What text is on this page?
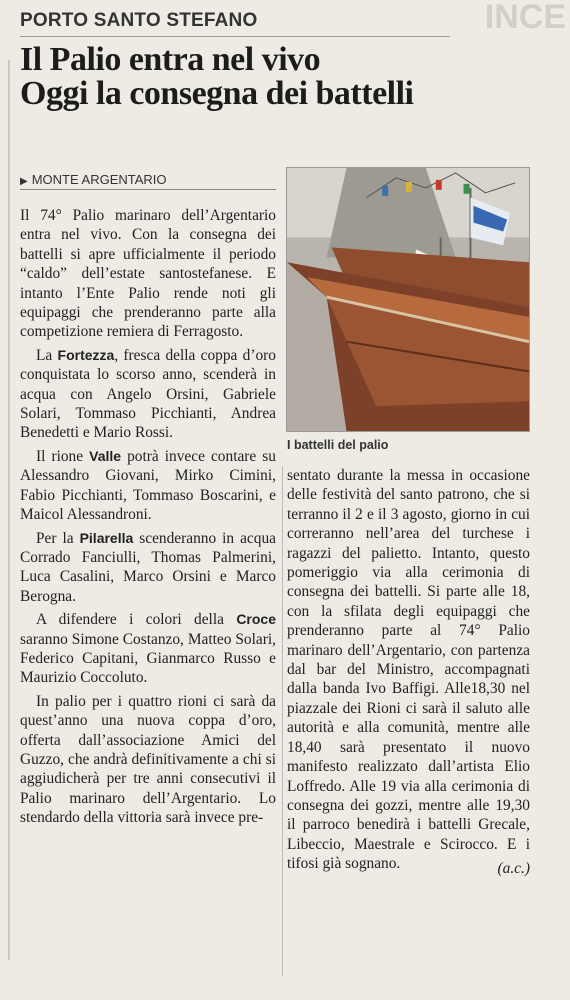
INCE
PORTO SANTO STEFANO
Il Palio entra nel vivo
Oggi la consegna dei battelli
▶ MONTE ARGENTARIO
I battelli del palio

Il 74° Palio marinaro dell’Argentario entra nel vivo. Con la consegna dei battelli si apre ufficialmente il periodo “caldo” dell’estate santostefanese. E intanto l’Ente Palio rende noti gli equipaggi che prenderanno parte alla competizione remiera di Ferragosto.

La Fortezza, fresca della coppa d’oro conquistata lo scorso anno, scenderà in acqua con Angelo Orsini, Gabriele Solari, Tommaso Picchianti, Andrea Benedetti e Mario Rossi.

Il rione Valle potrà invece contare su Alessandro Giovani, Mirko Cimini, Fabio Picchianti, Tommaso Boscarini, e Maicol Alessandroni.

Per la Pilarella scenderanno in acqua Corrado Fanciulli, Thomas Palmerini, Luca Casalini, Marco Orsini e Marco Berogna.

A difendere i colori della Croce saranno Simone Costanzo, Matteo Solari, Federico Capitani, Gianmarco Russo e Maurizio Coccoluto.

In palio per i quattro rioni ci sarà da quest’anno una nuova coppa d’oro, offerta dall’associazione Amici del Guzzo, che andrà definitivamente a chi si aggiudicherà per tre anni consecutivi il Palio marinaro dell’Argentario. Lo stendardo della vittoria sarà invece pre-

sentato durante la messa in occasione delle festività del santo patrono, che si terranno il 2 e il 3 agosto, giorno in cui correranno nell’area del turchese i ragazzi del palietto. Intanto, questo pomeriggio via alla cerimonia di consegna dei battelli. Si parte alle 18, con la sfilata degli equipaggi che prenderanno parte al 74° Palio marinaro dell’Argentario, con partenza dal bar del Ministro, accompagnati dalla banda Ivo Baffigi. Alle18,30 nel piazzale dei Rioni ci sarà il saluto alle autorità e alla comunità, mentre alle 18,40 sarà presentato il nuovo manifesto realizzato dall’artista Elio Loffredo. Alle 19 via alla cerimonia di consegna dei gozzi, mentre alle 19,30 il parroco benedirà i battelli Grecale, Libeccio, Maestrale e Scirocco. E i tifosi già sognano.	(a.c.)
